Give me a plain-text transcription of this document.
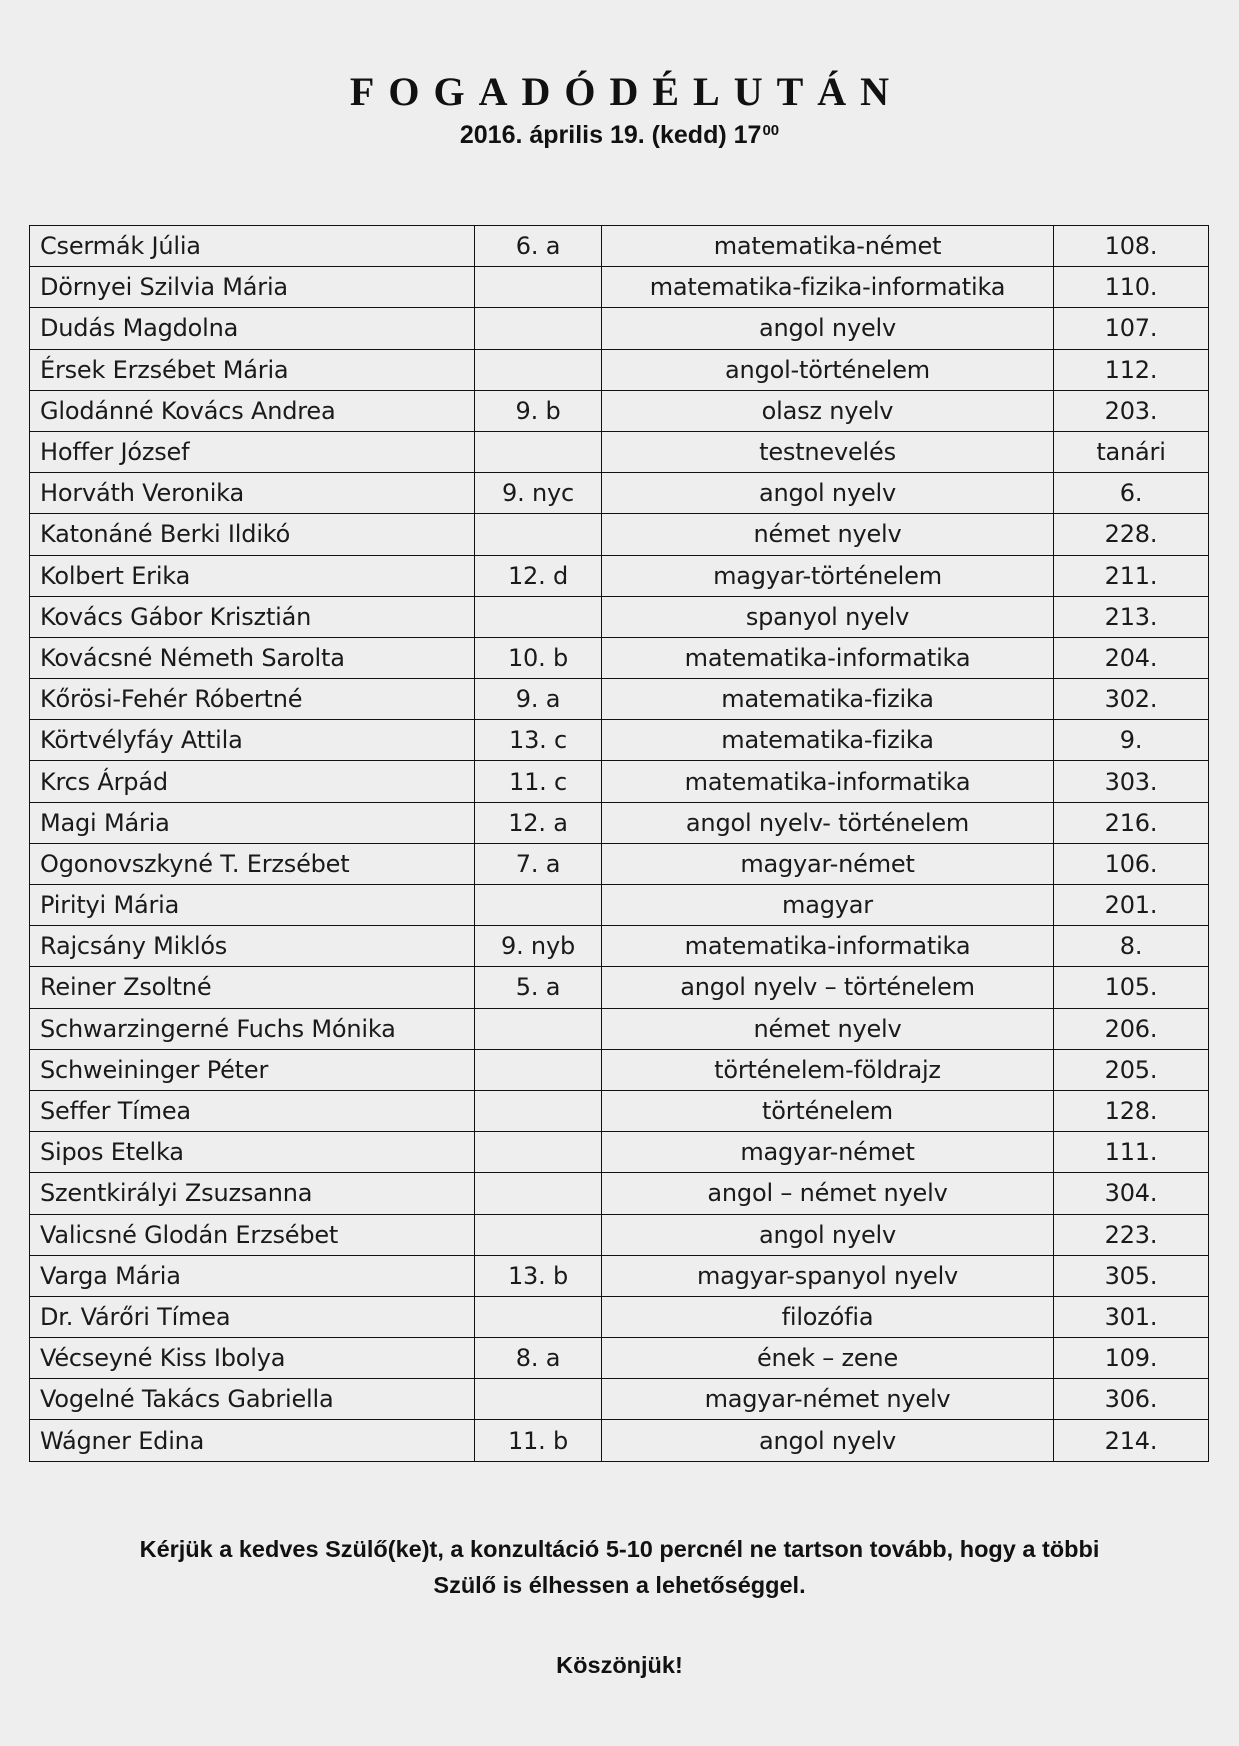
FOGADÓDÉLUTÁN
2016. április 19. (kedd) $17^{00}$
Csermák Júlia	6. a	matematika-német	108.
Dörnyei Szilvia Mária		matematika-fizika-informatika	110.
Dudás Magdolna		angol nyelv	107.
Érsek Erzsébet Mária		angol-történelem	112.
Glodánné Kovács Andrea	9. b	olasz nyelv	203.
Hoffer József		testnevelés	tanári
Horváth Veronika	9. nyc	angol nyelv	6.
Katonáné Berki Ildikó		német nyelv	228.
Kolbert Erika	12. d	magyar-történelem	211.
Kovács Gábor Krisztián		spanyol nyelv	213.
Kovácsné Németh Sarolta	10. b	matematika-informatika	204.
Kőrösi-Fehér Róbertné	9. a	matematika-fizika	302.
Körtvélyfáy Attila	13. c	matematika-fizika	9.
Krcs Árpád	11. c	matematika-informatika	303.
Magi Mária	12. a	angol nyelv- történelem	216.
Ogonovszkyné T. Erzsébet	7. a	magyar-német	106.
Pirityi Mária		magyar	201.
Rajcsány Miklós	9. nyb	matematika-informatika	8.
Reiner Zsoltné	5. a	angol nyelv – történelem	105.
Schwarzingerné Fuchs Mónika		német nyelv	206.
Schweininger Péter		történelem-földrajz	205.
Seffer Tímea		történelem	128.
Sipos Etelka		magyar-német	111.
Szentkirályi Zsuzsanna		angol – német nyelv	304.
Valicsné Glodán Erzsébet		angol nyelv	223.
Varga Mária	13. b	magyar-spanyol nyelv	305.
Dr. Várőri Tímea		filozófia	301.
Vécseyné Kiss Ibolya	8. a	ének – zene	109.
Vogelné Takács Gabriella		magyar-német nyelv	306.
Wágner Edina	11. b	angol nyelv	214.
Kérjük a kedves Szülő(ke)t, a konzultáció 5-10 percnél ne tartson tovább, hogy a többi
Szülő is élhessen a lehetőséggel.
Köszönjük!
